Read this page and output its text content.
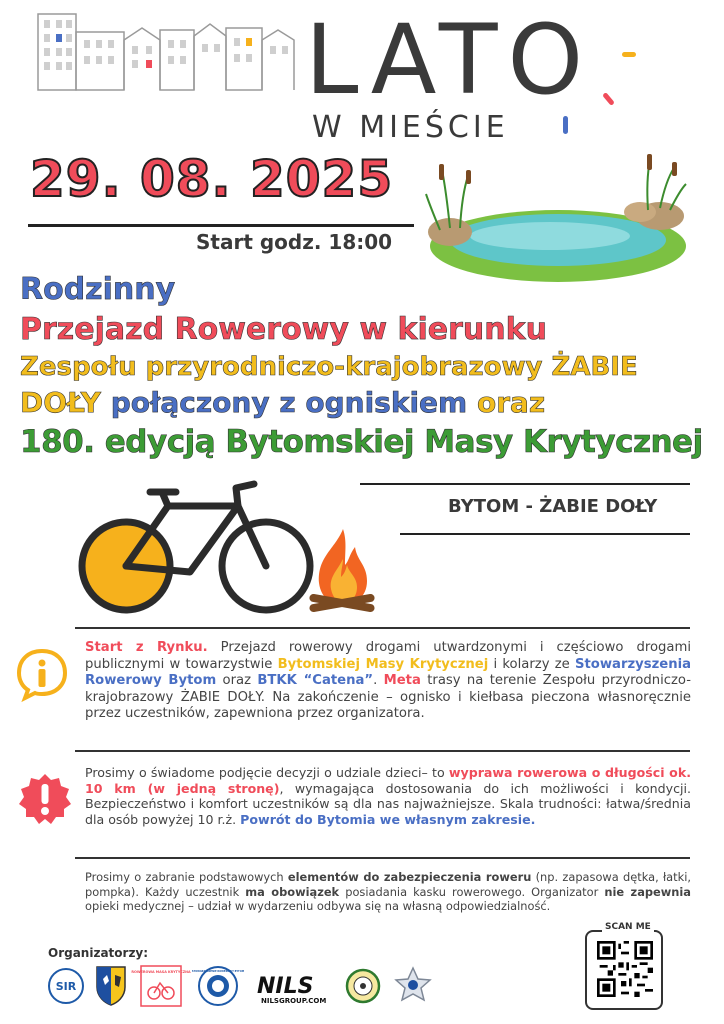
LATO
W MIEŚCIE
29. 08. 2025
Start godz. 18:00
Rodzinny
Przejazd Rowerowy w kierunku
Zespołu przyrodniczo-krajobrazowy ŻABIE
DOŁY połączony z ogniskiem oraz
180. edycją Bytomskiej Masy Krytycznej
BYTOM - ŻABIE DOŁY
Start z Rynku. Przejazd rowerowy drogami utwardzonymi i częściowo drogami publicznymi w towarzystwie Bytomskiej Masy Krytycznej i kolarzy ze Stowarzyszenia Rowerowy Bytom oraz BTKK “Catena”. Meta trasy na terenie Zespołu przyrodniczo-krajobrazowy ŻABIE DOŁY. Na zakończenie – ognisko i kiełbasa pieczona własnoręcznie przez uczestników, zapewniona przez organizatora.
Prosimy o świadome podjęcie decyzji o udziale dzieci– to wyprawa rowerowa o długości ok. 10 km (w jedną stronę), wymagająca dostosowania do ich możliwości i kondycji. Bezpieczeństwo i komfort uczestników są dla nas najważniejsze. Skala trudności: łatwa/średnia dla osób powyżej 10 r.ż. Powrót do Bytomia we własnym zakresie.
Prosimy o zabranie podstawowych elementów do zabezpieczenia roweru (np. zapasowa dętka, łatki, pompka). Każdy uczestnik ma obowiązek posiadania kasku rowerowego. Organizator nie zapewnia opieki medycznej – udział w wydarzeniu odbywa się na własną odpowiedzialność.
Organizatorzy:
SIR
ROWEROWA MASA KRYTYCZNA STOWARZYSZENIE ROWEROWY BYTOM
NILS
NILSGROUP.COM
SCAN ME
